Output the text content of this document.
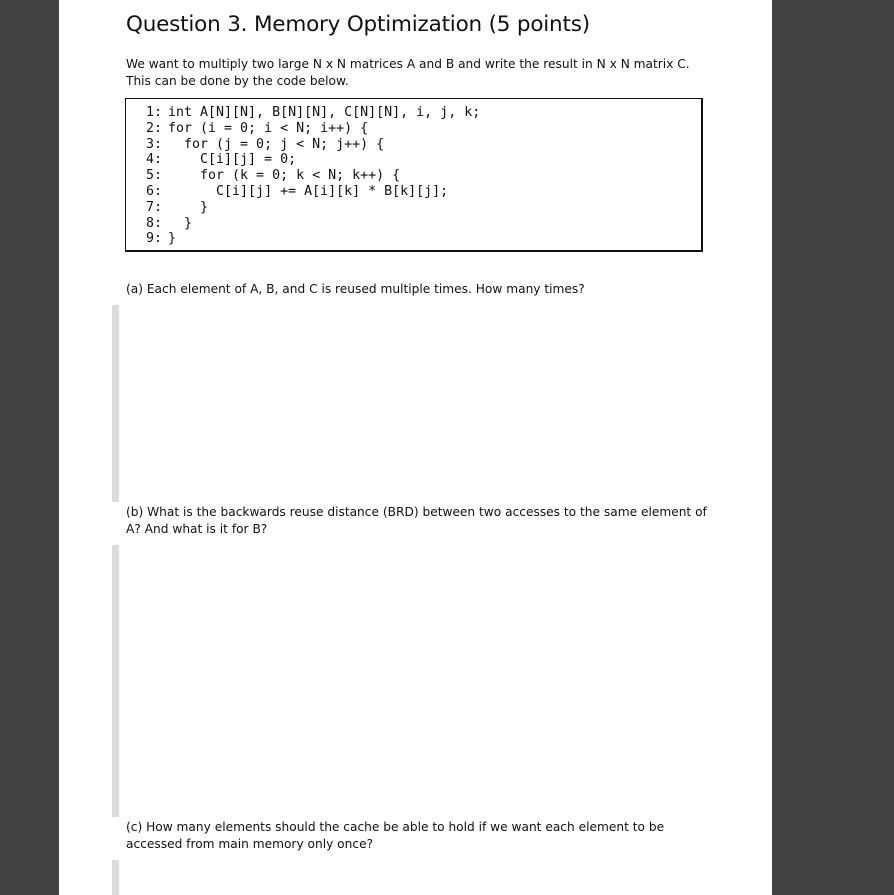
Question 3. Memory Optimization (5 points)
We want to multiply two large N x N matrices A and B and write the result in N x N matrix C. This can be done by the code below.
1: int A[N][N], B[N][N], C[N][N], i, j, k;
2: for (i = 0; i < N; i++) {
3:  for (j = 0; j < N; j++) {
4:    C[i][j] = 0;
5:    for (k = 0; k < N; k++) {
6:      C[i][j] += A[i][k] * B[k][j];
7:    }
8:  }
9: }
(a) Each element of A, B, and C is reused multiple times. How many times?
(b) What is the backwards reuse distance (BRD) between two accesses to the same element of A? And what is it for B?
(c) How many elements should the cache be able to hold if we want each element to be accessed from main memory only once?
